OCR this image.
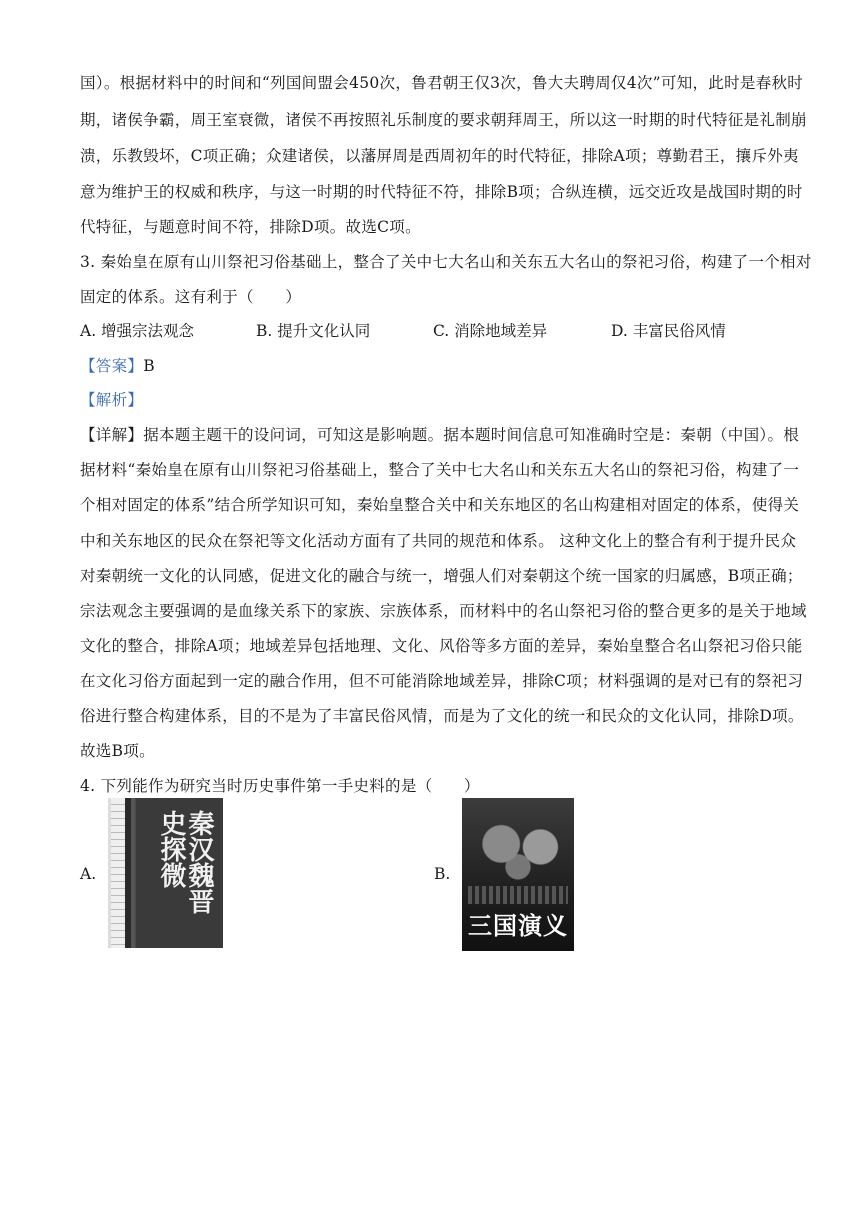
国）。根据材料中的时间和“列国间盟会450次，鲁君朝王仅3次，鲁大夫聘周仅4次”可知，此时是春秋时
期，诸侯争霸，周王室衰微，诸侯不再按照礼乐制度的要求朝拜周王，所以这一时期的时代特征是礼制崩
溃，乐教毁坏，C项正确；众建诸侯，以藩屏周是西周初年的时代特征，排除A项；尊勤君王，攘斥外夷
意为维护王的权威和秩序，与这一时期的时代特征不符，排除B项；合纵连横，远交近攻是战国时期的时
代特征，与题意时间不符，排除D项。故选C项。
3. 秦始皇在原有山川祭祀习俗基础上，整合了关中七大名山和关东五大名山的祭祀习俗，构建了一个相对
固定的体系。这有利于（　　）
A. 增强宗法观念	B. 提升文化认同	C. 消除地域差异	D. 丰富民俗风情
【答案】B
【解析】
【详解】据本题主题干的设问词，可知这是影响题。据本题时间信息可知准确时空是：秦朝（中国）。根
据材料“秦始皇在原有山川祭祀习俗基础上，整合了关中七大名山和关东五大名山的祭祀习俗，构建了一
个相对固定的体系”结合所学知识可知，秦始皇整合关中和关东地区的名山构建相对固定的体系，使得关
中和关东地区的民众在祭祀等文化活动方面有了共同的规范和体系。 这种文化上的整合有利于提升民众
对秦朝统一文化的认同感，促进文化的融合与统一，增强人们对秦朝这个统一国家的归属感，B项正确；
宗法观念主要强调的是血缘关系下的家族、宗族体系，而材料中的名山祭祀习俗的整合更多的是关于地域
文化的整合，排除A项；地域差异包括地理、文化、风俗等多方面的差异，秦始皇整合名山祭祀习俗只能
在文化习俗方面起到一定的融合作用，但不可能消除地域差异，排除C项；材料强调的是对已有的祭祀习
俗进行整合构建体系，目的不是为了丰富民俗风情，而是为了文化的统一和民众的文化认同，排除D项。
故选B项。
4. 下列能作为研究当时历史事件第一手史料的是（　　）
A.	秦汉魏晋史探微	B.
三国演义
